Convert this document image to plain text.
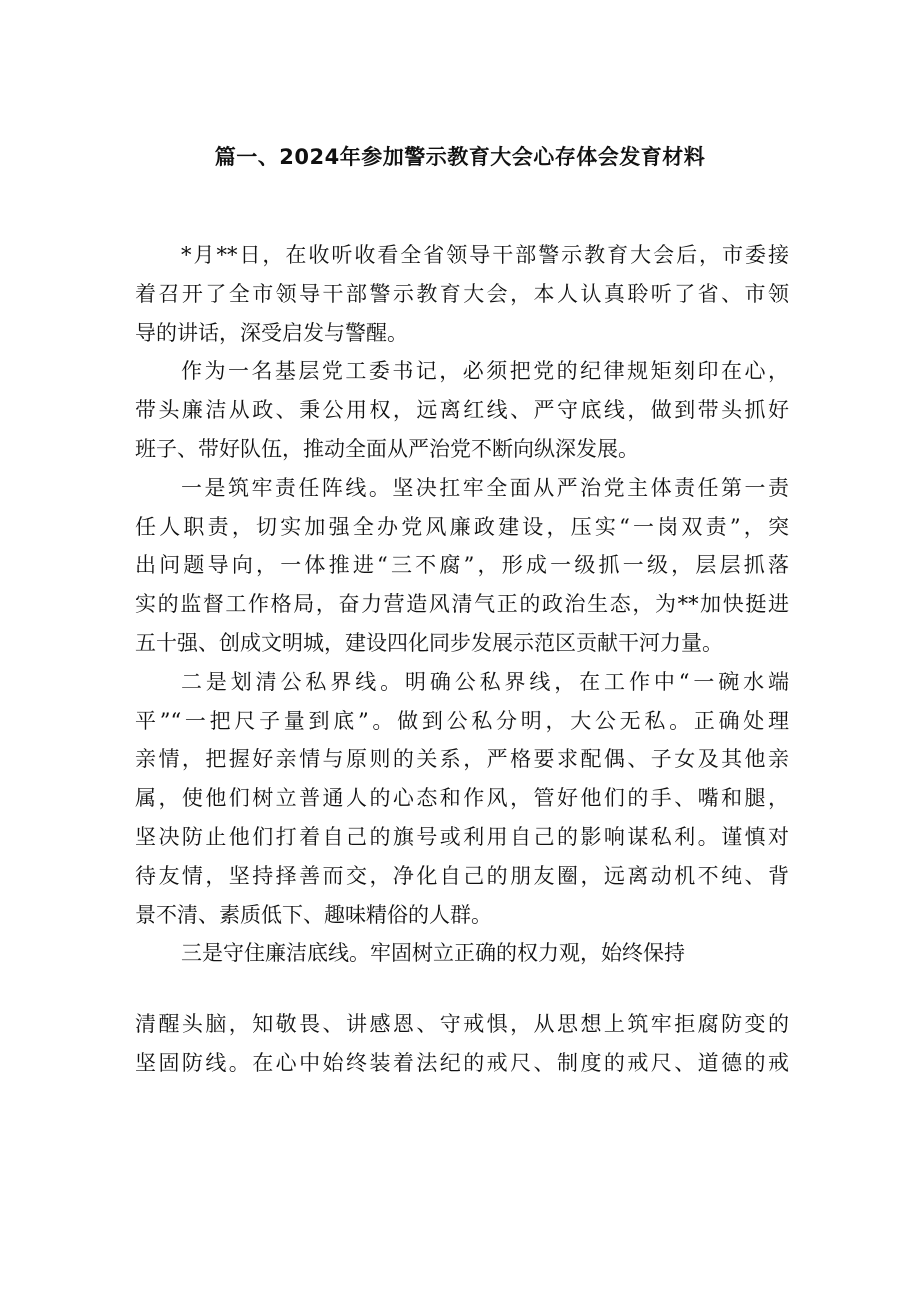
篇一、2024年参加警示教育大会心存体会发育材料
*月**日，在收听收看全省领导干部警示教育大会后，市委接
着召开了全市领导干部警示教育大会，本人认真聆听了省、市领
导的讲话，深受启发与警醒。
作为一名基层党工委书记，必须把党的纪律规矩刻印在心，
带头廉洁从政、秉公用权，远离红线、严守底线，做到带头抓好
班子、带好队伍，推动全面从严治党不断向纵深发展。
一是筑牢责任阵线。坚决扛牢全面从严治党主体责任第一责
任人职责，切实加强全办党风廉政建设，压实“一岗双责”，突
出问题导向，一体推进“三不腐”，形成一级抓一级，层层抓落
实的监督工作格局，奋力营造风清气正的政治生态，为**加快挺进
五十强、创成文明城，建设四化同步发展示范区贡献干河力量。
二是划清公私界线。明确公私界线，在工作中“一碗水端
平”“一把尺子量到底”。做到公私分明，大公无私。正确处理
亲情，把握好亲情与原则的关系，严格要求配偶、子女及其他亲
属，使他们树立普通人的心态和作风，管好他们的手、嘴和腿，
坚决防止他们打着自己的旗号或利用自己的影响谋私利。谨慎对
待友情，坚持择善而交，净化自己的朋友圈，远离动机不纯、背
景不清、素质低下、趣味精俗的人群。
三是守住廉洁底线。牢固树立正确的权力观，始终保持
清醒头脑，知敬畏、讲感恩、守戒惧，从思想上筑牢拒腐防变的
坚固防线。在心中始终装着法纪的戒尺、制度的戒尺、道德的戒
